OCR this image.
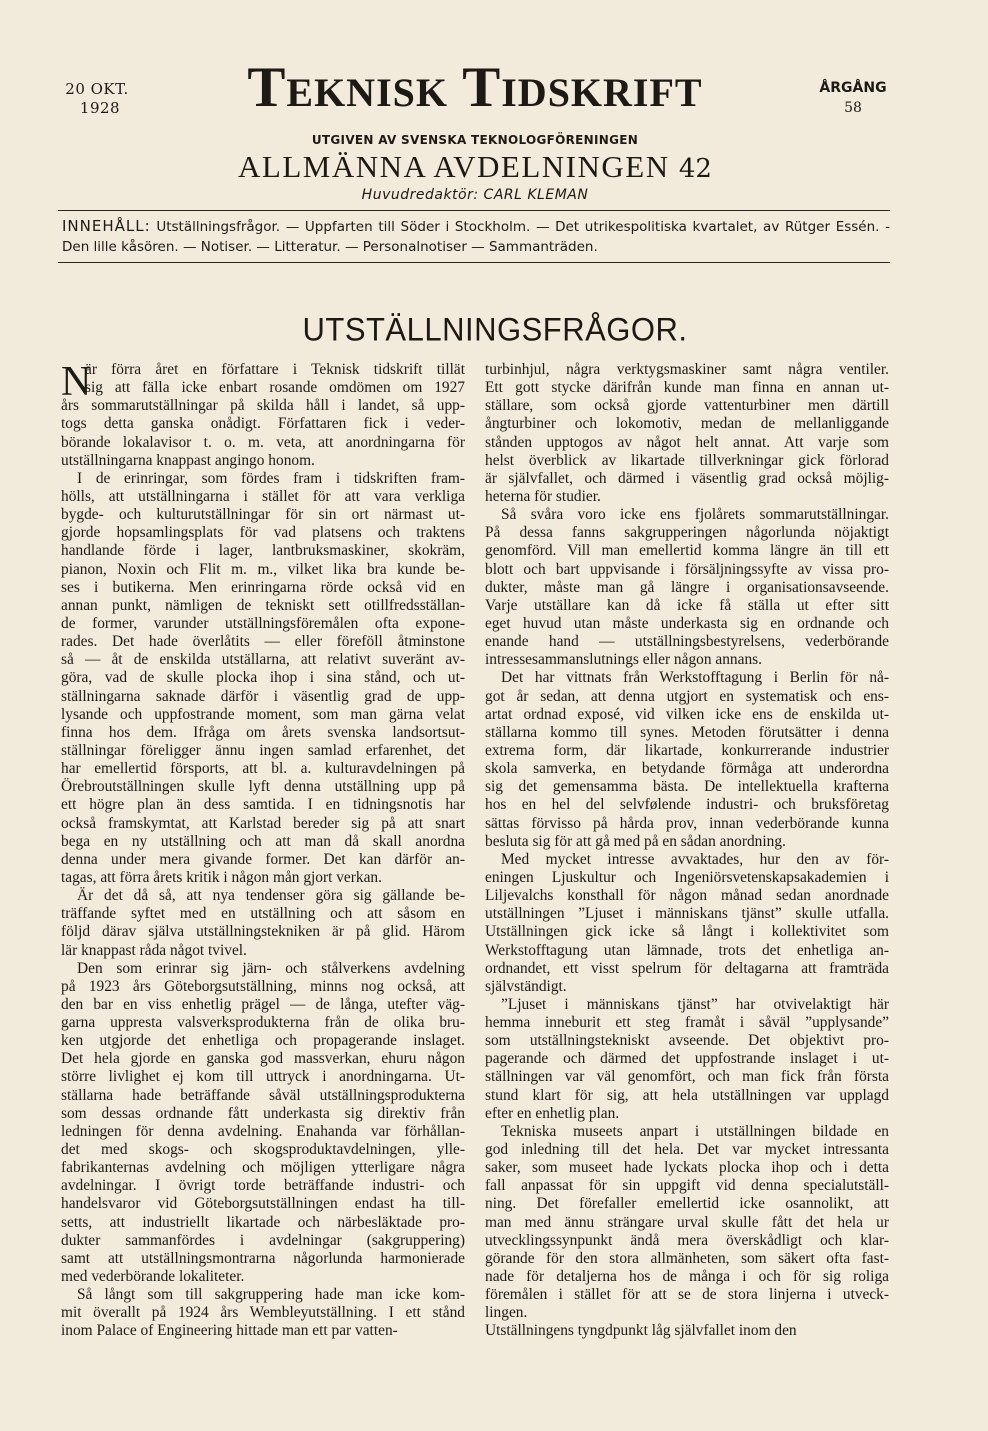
20 OKT.
1928	Teknisk Tidskrift	ÅRGÅNG
58
UTGIVEN AV SVENSKA TEKNOLOGFÖRENINGEN
ALLMÄNNA AVDELNINGEN 42
Huvudredaktör: CARL KLEMAN
INNEHÅLL: Utställningsfrågor. — Uppfarten till Söder i Stockholm. — Det utrikespolitiska kvartalet, av Rütger Essén. - Den lille kåsören. — Notiser. — Litteratur. — Personalnotiser — Sammanträden.
UTSTÄLLNINGSFRÅGOR.
N
är förra året en författare i Teknisk tidskrift tillät
sig att fälla icke enbart rosande omdömen om 1927
års sommarutställningar på skilda håll i landet, så upp-
togs detta ganska onådigt. Författaren fick i veder-
börande lokalavisor t. o. m. veta, att anordningarna för
utställningarna knappast angingo honom.
I de erinringar, som fördes fram i tidskriften fram-
hölls, att utställningarna i stället för att vara verkliga
bygde- och kulturutställningar för sin ort närmast ut-
gjorde hopsamlingsplats för vad platsens och traktens
handlande förde i lager, lantbruksmaskiner, skokräm,
pianon, Noxin och Flit m. m., vilket lika bra kunde be-
ses i butikerna. Men erinringarna rörde också vid en
annan punkt, nämligen de tekniskt sett otillfredsställan-
de former, varunder utställningsföremålen ofta expone-
rades. Det hade överlåtits — eller föreföll åtminstone
så — åt de enskilda utställarna, att relativt suveränt av-
göra, vad de skulle plocka ihop i sina stånd, och ut-
ställningarna saknade därför i väsentlig grad de upp-
lysande och uppfostrande moment, som man gärna velat
finna hos dem. Ifråga om årets svenska landsortsut-
ställningar föreligger ännu ingen samlad erfarenhet, det
har emellertid försports, att bl. a. kulturavdelningen på
Örebroutställningen skulle lyft denna utställning upp på
ett högre plan än dess samtida. I en tidningsnotis har
också framskymtat, att Karlstad bereder sig på att snart
bega en ny utställning och att man då skall anordna
denna under mera givande former. Det kan därför an-
tagas, att förra årets kritik i någon mån gjort verkan.
Är det då så, att nya tendenser göra sig gällande be-
träffande syftet med en utställning och att såsom en
följd därav själva utställningstekniken är på glid. Härom
lär knappast råda något tvivel.
Den som erinrar sig järn- och stålverkens avdelning
på 1923 års Göteborgsutställning, minns nog också, att
den bar en viss enhetlig prägel — de långa, utefter väg-
garna uppresta valsverksprodukterna från de olika bru-
ken utgjorde det enhetliga och propagerande inslaget.
Det hela gjorde en ganska god massverkan, ehuru någon
större livlighet ej kom till uttryck i anordningarna. Ut-
ställarna hade beträffande såväl utställningsprodukterna
som dessas ordnande fått underkasta sig direktiv från
ledningen för denna avdelning. Enahanda var förhållan-
det med skogs- och skogsproduktavdelningen, ylle-
fabrikanternas avdelning och möjligen ytterligare några
avdelningar. I övrigt torde beträffande industri- och
handelsvaror vid Göteborgsutställningen endast ha till-
setts, att industriellt likartade och närbesläktade pro-
dukter sammanfördes i avdelningar (sakgruppering)
samt att utställningsmontrarna någorlunda harmonierade
med vederbörande lokaliteter.
Så långt som till sakgruppering hade man icke kom-
mit överallt på 1924 års Wembleyutställning. I ett stånd
inom Palace of Engineering hittade man ett par vatten-
turbinhjul, några verktygsmaskiner samt några ventiler.
Ett gott stycke därifrån kunde man finna en annan ut-
ställare, som också gjorde vattenturbiner men därtill
ångturbiner och lokomotiv, medan de mellanliggande
stånden upptogos av något helt annat. Att varje som
helst överblick av likartade tillverkningar gick förlorad
är självfallet, och därmed i väsentlig grad också möjlig-
heterna för studier.
Så svåra voro icke ens fjolårets sommarutställningar.
På dessa fanns sakgrupperingen någorlunda nöjaktigt
genomförd. Vill man emellertid komma längre än till ett
blott och bart uppvisande i försäljningssyfte av vissa pro-
dukter, måste man gå längre i organisationsavseende.
Varje utställare kan då icke få ställa ut efter sitt
eget huvud utan måste underkasta sig en ordnande och
enande hand — utställningsbestyrelsens, vederbörande
intressesammanslutnings eller någon annans.
Det har vittnats från Werkstofftagung i Berlin för nå-
got år sedan, att denna utgjort en systematisk och ens-
artat ordnad exposé, vid vilken icke ens de enskilda ut-
ställarna kommo till synes. Metoden förutsätter i denna
extrema form, där likartade, konkurrerande industrier
skola samverka, en betydande förmåga att underordna
sig det gemensamma bästa. De intellektuella krafterna
hos en hel del selvfølende industri- och bruksföretag
sättas förvisso på hårda prov, innan vederbörande kunna
besluta sig för att gå med på en sådan anordning.
Med mycket intresse avvaktades, hur den av för-
eningen Ljuskultur och Ingeniörsvetenskapsakademien i
Liljevalchs konsthall för någon månad sedan anordnade
utställningen ”Ljuset i människans tjänst” skulle utfalla.
Utställningen gick icke så långt i kollektivitet som
Werkstofftagung utan lämnade, trots det enhetliga an-
ordnandet, ett visst spelrum för deltagarna att framträda
självständigt.
”Ljuset i människans tjänst” har otvivelaktigt här
hemma inneburit ett steg framåt i såväl ”upplysande”
som utställningstekniskt avseende. Det objektivt pro-
pagerande och därmed det uppfostrande inslaget i ut-
ställningen var väl genomfört, och man fick från första
stund klart för sig, att hela utställningen var upplagd
efter en enhetlig plan.
Tekniska museets anpart i utställningen bildade en
god inledning till det hela. Det var mycket intressanta
saker, som museet hade lyckats plocka ihop och i detta
fall anpassat för sin uppgift vid denna specialutställ-
ning. Det förefaller emellertid icke osannolikt, att
man med ännu strängare urval skulle fått det hela ur
utvecklingssynpunkt ändå mera överskådligt och klar-
görande för den stora allmänheten, som säkert ofta fast-
nade för detaljerna hos de många i och för sig roliga
föremålen i stället för att se de stora linjerna i utveck-
lingen.
Utställningens tyngdpunkt låg självfallet inom den
